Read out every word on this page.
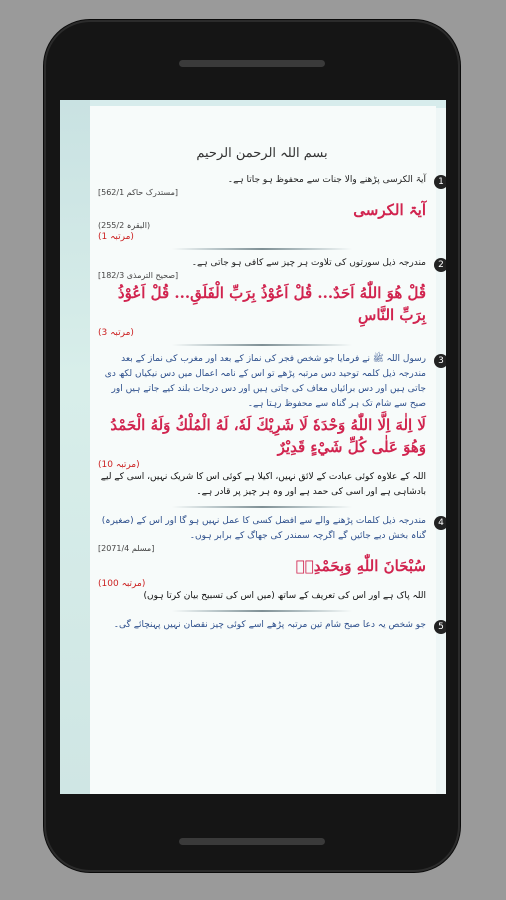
بسم اللہ الرحمن الرحیم
1
آیۃ الکرسی پڑھنے والا جنات سے محفوظ ہو جاتا ہے۔
[مستدرک حاکم 562/1]
آیۃ الکرسی
(البقرہ 255/2)
(1 مرتبہ)
2
مندرجہ ذیل سورتوں کی تلاوت ہر چیز سے کافی ہو جاتی ہے۔
[صحیح الترمذی 182/3]
قُلْ هُوَ اللّٰهُ اَحَدٌ... قُلْ اَعُوْذُ بِرَبِّ الْفَلَقِ... قُلْ اَعُوْذُ بِرَبِّ النَّاسِ
(3 مرتبہ)
3
رسول اللہ ﷺ نے فرمایا جو شخص فجر کی نماز کے بعد اور مغرب کی نماز کے بعد مندرجہ ذیل کلمہ توحید دس مرتبہ پڑھے تو اس کے نامہ اعمال میں دس نیکیاں لکھ دی جاتی ہیں اور دس برائیاں معاف کی جاتی ہیں اور دس درجات بلند کیے جاتے ہیں اور صبح سے شام تک ہر گناہ سے محفوظ رہتا ہے۔
لَا اِلٰهَ اِلَّا اللّٰهُ وَحْدَهٗ لَا شَرِيْكَ لَهٗ، لَهُ الْمُلْكُ وَلَهُ الْحَمْدُ وَهُوَ عَلٰى كُلِّ شَيْءٍ قَدِيْرٌ
(10 مرتبہ)
اللہ کے علاوہ کوئی عبادت کے لائق نہیں، اکیلا ہے کوئی اس کا شریک نہیں، اسی کے لیے بادشاہی ہے اور اسی کی حمد ہے اور وہ ہر چیز پر قادر ہے۔
4
مندرجہ ذیل کلمات پڑھنے والے سے افضل کسی کا عمل نہیں ہو گا اور اس کے (صغیرہ) گناہ بخش دیے جائیں گے اگرچہ سمندر کی جھاگ کے برابر ہوں۔
[مسلم 2071/4]
سُبْحَانَ اللّٰهِ وَبِحَمْدِهٖ
(100 مرتبہ)
اللہ پاک ہے اور اس کی تعریف کے ساتھ (میں اس کی تسبیح بیان کرتا ہوں)
5
جو شخص یہ دعا صبح شام تین مرتبہ پڑھے اسے کوئی چیز نقصان نہیں پہنچائے گی۔
